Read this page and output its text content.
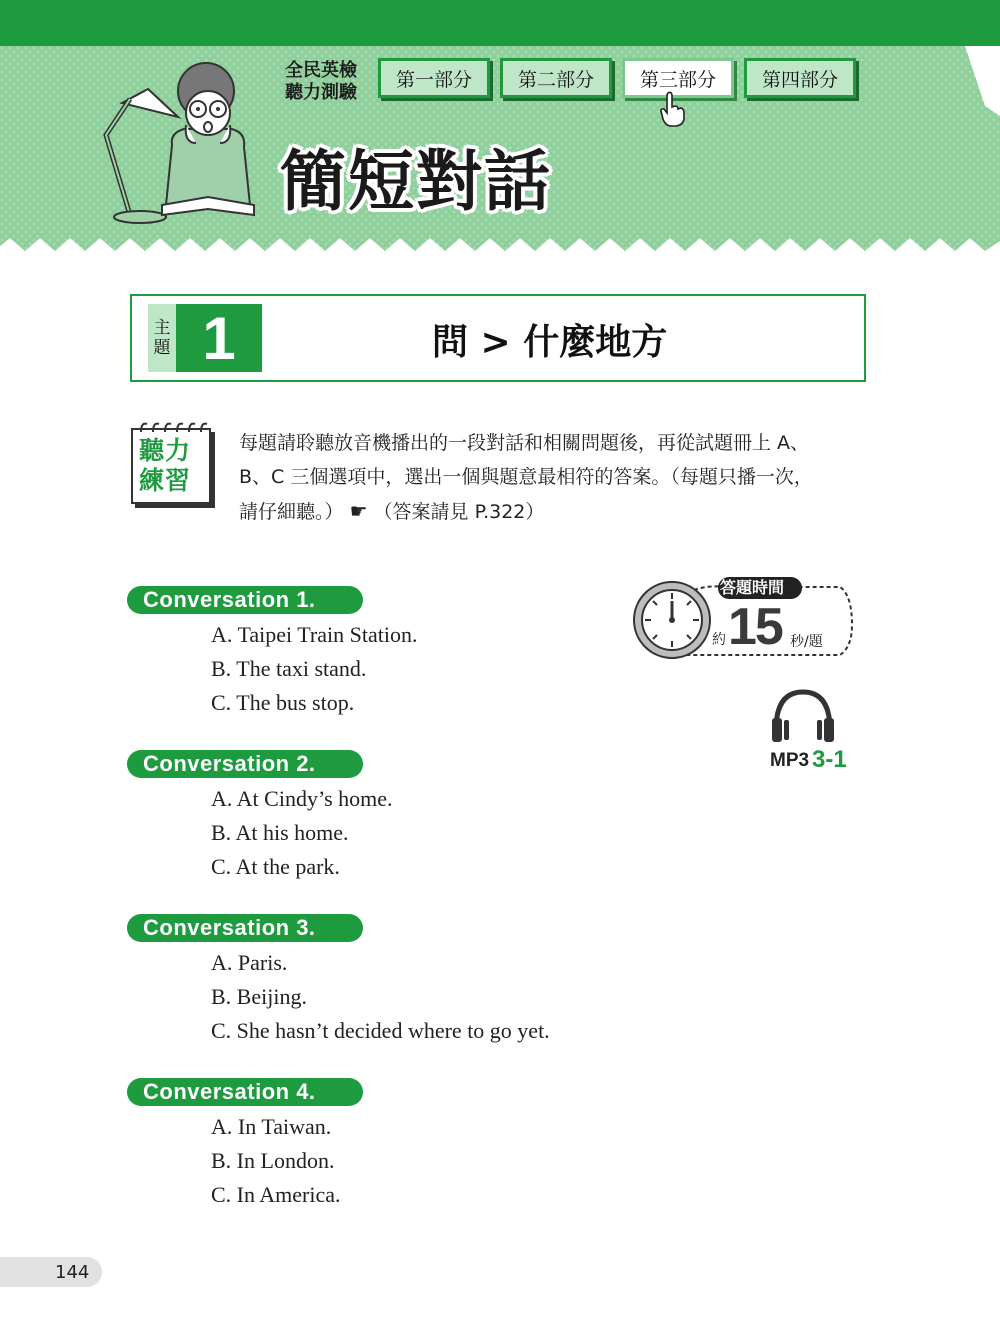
全民英檢
聽力測驗
第一部分 第二部分 第三部分 第四部分
簡短對話
主
題 1	問 > 什麼地方
聽力
練習
每題請聆聽放音機播出的一段對話和相關問題後，再從試題冊上 A、
B、C 三個選項中，選出一個與題意最相符的答案。（每題只播一次，
請仔細聽。） ☛ （答案請見 P.322）
答題時間
約 15 秒/題
MP3 3-1
Conversation 1.
A. Taipei Train Station.
B. The taxi stand.
C. The bus stop.
Conversation 2.
A. At Cindy’s home.
B. At his home.
C. At the park.
Conversation 3.
A. Paris.
B. Beijing.
C. She hasn’t decided where to go yet.
Conversation 4.
A. In Taiwan.
B. In London.
C. In America.
144
